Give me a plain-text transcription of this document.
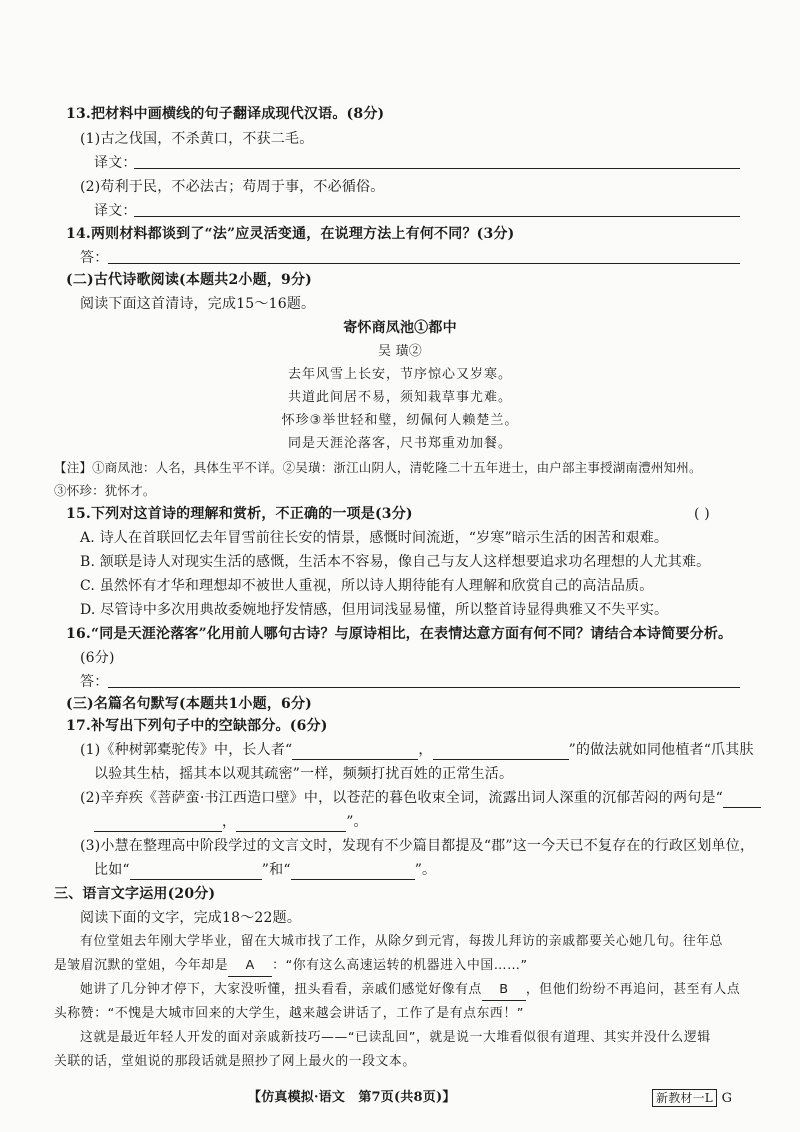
13.把材料中画横线的句子翻译成现代汉语。(8分)
(1)古之伐国，不杀黄口，不获二毛。
译文：
(2)苟利于民，不必法古；苟周于事，不必循俗。
译文：
14.两则材料都谈到了“法”应灵活变通，在说理方法上有何不同？(3分)
答：
(二)古代诗歌阅读(本题共2小题，9分)
阅读下面这首清诗，完成15～16题。
寄怀商凤池①都中
吴 璜②
去年风雪上长安，节序惊心又岁寒。
共道此间居不易，须知栽草事尤难。
怀珍③举世轻和璧，纫佩何人赖楚兰。
同是天涯沦落客，尺书郑重劝加餐。
【注】①商凤池：人名，具体生平不详。②吴璜：浙江山阴人，清乾隆二十五年进士，由户部主事授湖南澧州知州。
③怀珍：犹怀才。
15.下列对这首诗的理解和赏析，不正确的一项是(3分)	( )
A. 诗人在首联回忆去年冒雪前往长安的情景，感慨时间流逝，“岁寒”暗示生活的困苦和艰难。
B. 颔联是诗人对现实生活的感慨，生活本不容易，像自己与友人这样想要追求功名理想的人尤其难。
C. 虽然怀有才华和理想却不被世人重视，所以诗人期待能有人理解和欣赏自己的高洁品质。
D. 尽管诗中多次用典故委婉地抒发情感，但用词浅显易懂，所以整首诗显得典雅又不失平实。
16.“同是天涯沦落客”化用前人哪句古诗？与原诗相比，在表情达意方面有何不同？请结合本诗简要分析。
(6分)
答：
(三)名篇名句默写(本题共1小题，6分)
17.补写出下列句子中的空缺部分。(6分)
(1)《种树郭橐驼传》中，长人者“	，	”的做法就如同他植者“爪其肤
以验其生枯，摇其本以观其疏密”一样，频频打扰百姓的正常生活。
(2)辛弃疾《菩萨蛮·书江西造口壁》中，以苍茫的暮色收束全词，流露出词人深重的沉郁苦闷的两句是“
，	”。
(3)小慧在整理高中阶段学过的文言文时，发现有不少篇目都提及“郡”这一今天已不复存在的行政区划单位，
比如“	”和“	”。
三、语言文字运用(20分)
阅读下面的文字，完成18～22题。
有位堂姐去年刚大学毕业，留在大城市找了工作，从除夕到元宵，每拨儿拜访的亲戚都要关心她几句。往年总
是皱眉沉默的堂姐，今年却是 A ：“你有这么高速运转的机器进入中国……”
她讲了几分钟才停下，大家没听懂，扭头看看，亲戚们感觉好像有点 B ，但他们纷纷不再追问，甚至有人点
头称赞：“不愧是大城市回来的大学生，越来越会讲话了，工作了是有点东西！”
这就是最近年轻人开发的面对亲戚新技巧——“已读乱回”，就是说一大堆看似很有道理、其实并没什么逻辑
关联的话，堂姐说的那段话就是照抄了网上最火的一段文本。
【仿真模拟·语文　第7页(共8页)】	新教材一L G
